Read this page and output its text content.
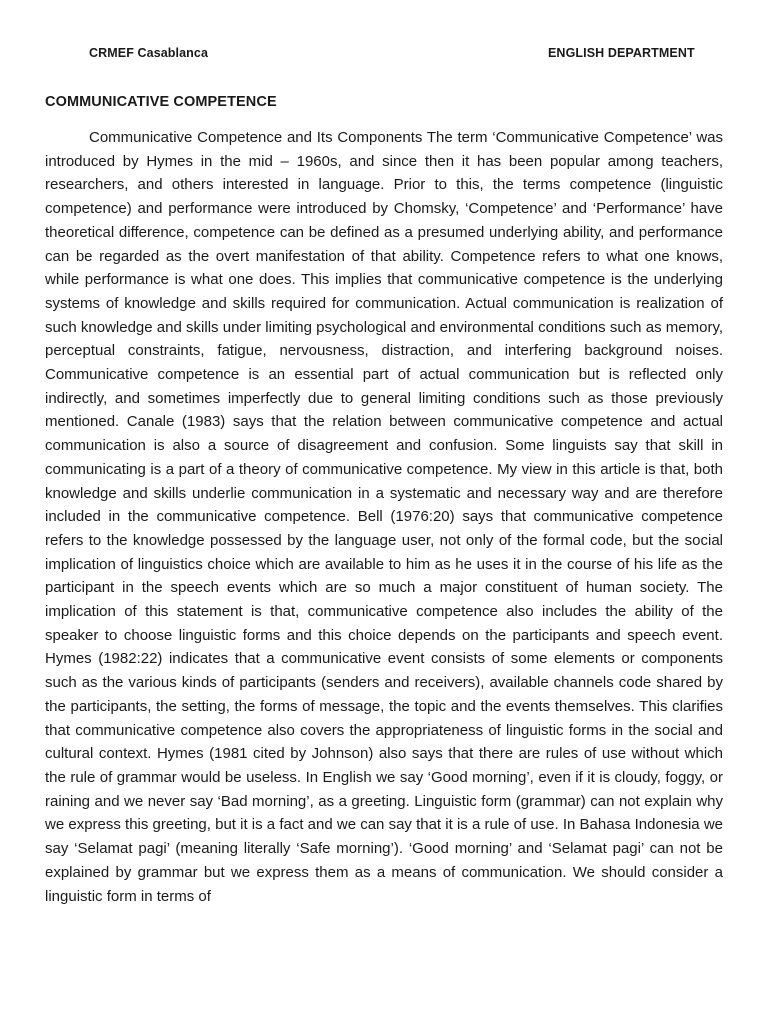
CRMEF Casablanca	ENGLISH DEPARTMENT
COMMUNICATIVE COMPETENCE

Communicative Competence and Its Components The term ‘Communicative Competence’ was introduced by Hymes in the mid – 1960s, and since then it has been popular among teachers, researchers, and others interested in language. Prior to this, the terms competence (linguistic competence) and performance were introduced by Chomsky, ‘Competence’ and ‘Performance’ have theoretical difference, competence can be defined as a presumed underlying ability, and performance can be regarded as the overt manifestation of that ability. Competence refers to what one knows, while performance is what one does. This implies that communicative competence is the underlying systems of knowledge and skills required for communication. Actual communication is realization of such knowledge and skills under limiting psychological and environmental conditions such as memory, perceptual constraints, fatigue, nervousness, distraction, and interfering background noises. Communicative competence is an essential part of actual communication but is reflected only indirectly, and sometimes imperfectly due to general limiting conditions such as those previously mentioned. Canale (1983) says that the relation between communicative competence and actual communication is also a source of disagreement and confusion. Some linguists say that skill in communicating is a part of a theory of communicative competence. My view in this article is that, both knowledge and skills underlie communication in a systematic and necessary way and are therefore included in the communicative competence. Bell (1976:20) says that communicative competence refers to the knowledge possessed by the language user, not only of the formal code, but the social implication of linguistics choice which are available to him as he uses it in the course of his life as the participant in the speech events which are so much a major constituent of human society. The implication of this statement is that, communicative competence also includes the ability of the speaker to choose linguistic forms and this choice depends on the participants and speech event. Hymes (1982:22) indicates that a communicative event consists of some elements or components such as the various kinds of participants (senders and receivers), available channels code shared by the participants, the setting, the forms of message, the topic and the events themselves. This clarifies that communicative competence also covers the appropriateness of linguistic forms in the social and cultural context. Hymes (1981 cited by Johnson) also says that there are rules of use without which the rule of grammar would be useless. In English we say ‘Good morning’, even if it is cloudy, foggy, or raining and we never say ‘Bad morning’, as a greeting. Linguistic form (grammar) can not explain why we express this greeting, but it is a fact and we can say that it is a rule of use. In Bahasa Indonesia we say ‘Selamat pagi’ (meaning literally ‘Safe morning’). ‘Good morning’ and ‘Selamat pagi’ can not be explained by grammar but we express them as a means of communication. We should consider a linguistic form in terms of
